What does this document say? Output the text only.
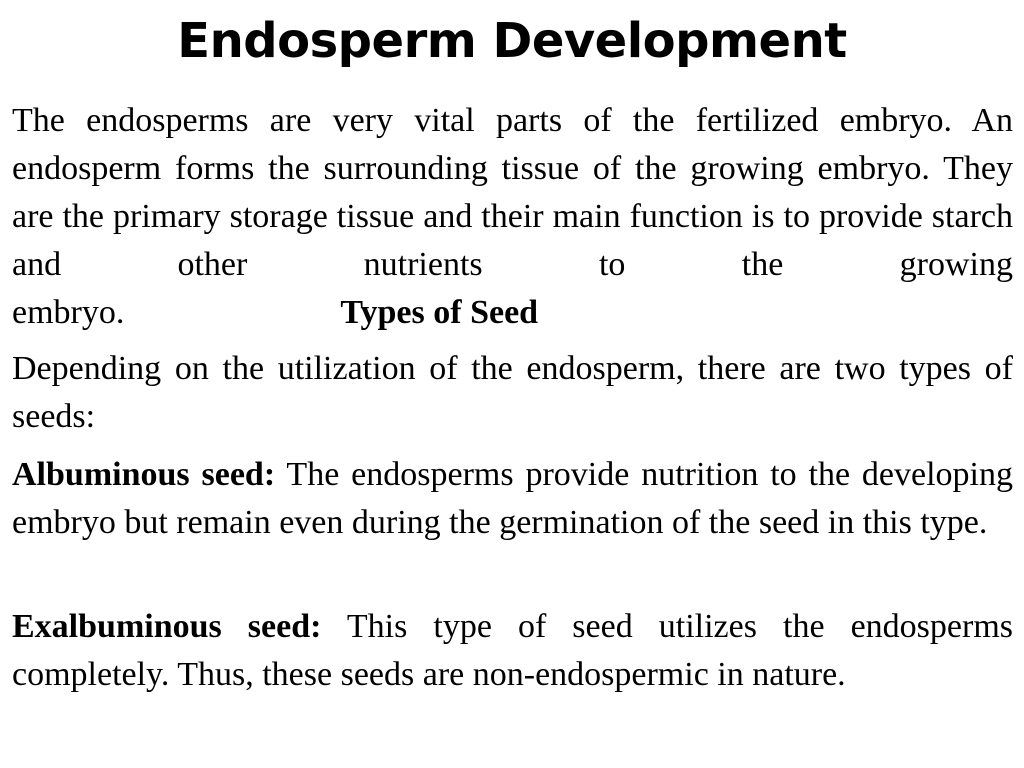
Endosperm Development
The endosperms are very vital parts of the fertilized embryo. An endosperm forms the surrounding tissue of the growing embryo. They are the primary storage tissue and their main function is to provide starch and other nutrients to the growing
embryo.	Types of Seed

Depending on the utilization of the endosperm, there are two types of seeds:

Albuminous seed: The endosperms provide nutrition to the developing embryo but remain even during the germination of the seed in this type.

Exalbuminous seed: This type of seed utilizes the endosperms completely. Thus, these seeds are non-endospermic in nature.
